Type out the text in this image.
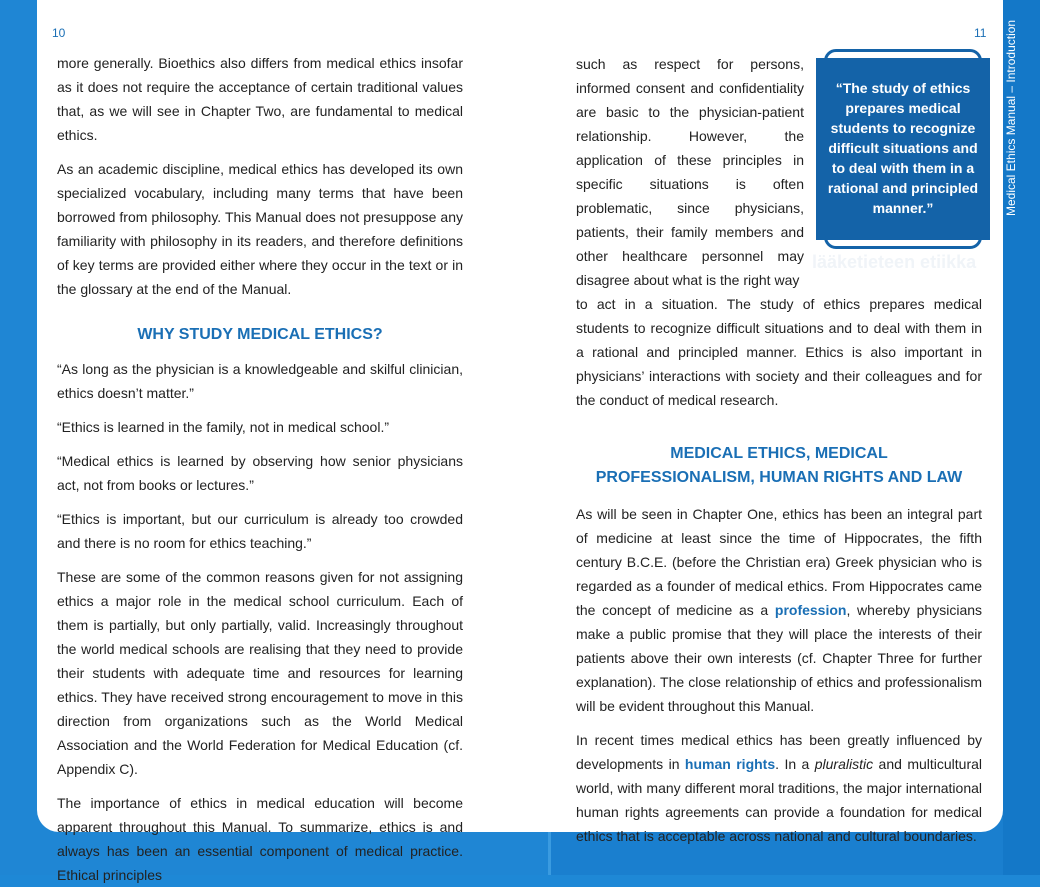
Medical Ethics Manual – Introduction
10	11

more generally. Bioethics also differs from medical ethics insofar as it does not require the acceptance of certain traditional values that, as we will see in Chapter Two, are fundamental to medical ethics.

As an academic discipline, medical ethics has developed its own specialized vocabulary, including many terms that have been borrowed from philosophy. This Manual does not presuppose any familiarity with philosophy in its readers, and therefore definitions of key terms are provided either where they occur in the text or in the glossary at the end of the Manual.

WHY STUDY MEDICAL ETHICS?

“As long as the physician is a knowledgeable and skilful clinician, ethics doesn’t matter.”

“Ethics is learned in the family, not in medical school.”

“Medical ethics is learned by observing how senior physicians act, not from books or lectures.”

“Ethics is important, but our curriculum is already too crowded and there is no room for ethics teaching.”

These are some of the common reasons given for not assigning ethics a major role in the medical school curriculum. Each of them is partially, but only partially, valid. Increasingly throughout the world medical schools are realising that they need to provide their students with adequate time and resources for learning ethics. They have received strong encouragement to move in this direction from organizations such as the World Medical Association and the World Federation for Medical Education (cf. Appendix C).

The importance of ethics in medical education will become apparent throughout this Manual. To summarize, ethics is and always has been an essential component of medical practice. Ethical principles

“The study of ethics prepares medical students to recognize difficult situations and to deal with them in a rational and principled manner.”
lääketieteen etiikka

such as respect for persons, informed consent and confidentiality are basic to the physician-patient relationship. However, the application of these principles in specific situations is often problematic, since physicians, patients, their family members and other healthcare personnel may disagree about what is the right way

to act in a situation. The study of ethics prepares medical students to recognize difficult situations and to deal with them in a rational and principled manner. Ethics is also important in physicians’ interactions with society and their colleagues and for the conduct of medical research.

MEDICAL ETHICS, MEDICAL
PROFESSIONALISM, HUMAN RIGHTS AND LAW

As will be seen in Chapter One, ethics has been an integral part of medicine at least since the time of Hippocrates, the fifth century B.C.E. (before the Christian era) Greek physician who is regarded as a founder of medical ethics. From Hippocrates came the concept of medicine as a profession, whereby physicians make a public promise that they will place the interests of their patients above their own interests (cf. Chapter Three for further explanation). The close relationship of ethics and professionalism will be evident throughout this Manual.

In recent times medical ethics has been greatly influenced by developments in human rights. In a pluralistic and multicultural world, with many different moral traditions, the major international human rights agreements can provide a foundation for medical ethics that is acceptable across national and cultural boundaries.
